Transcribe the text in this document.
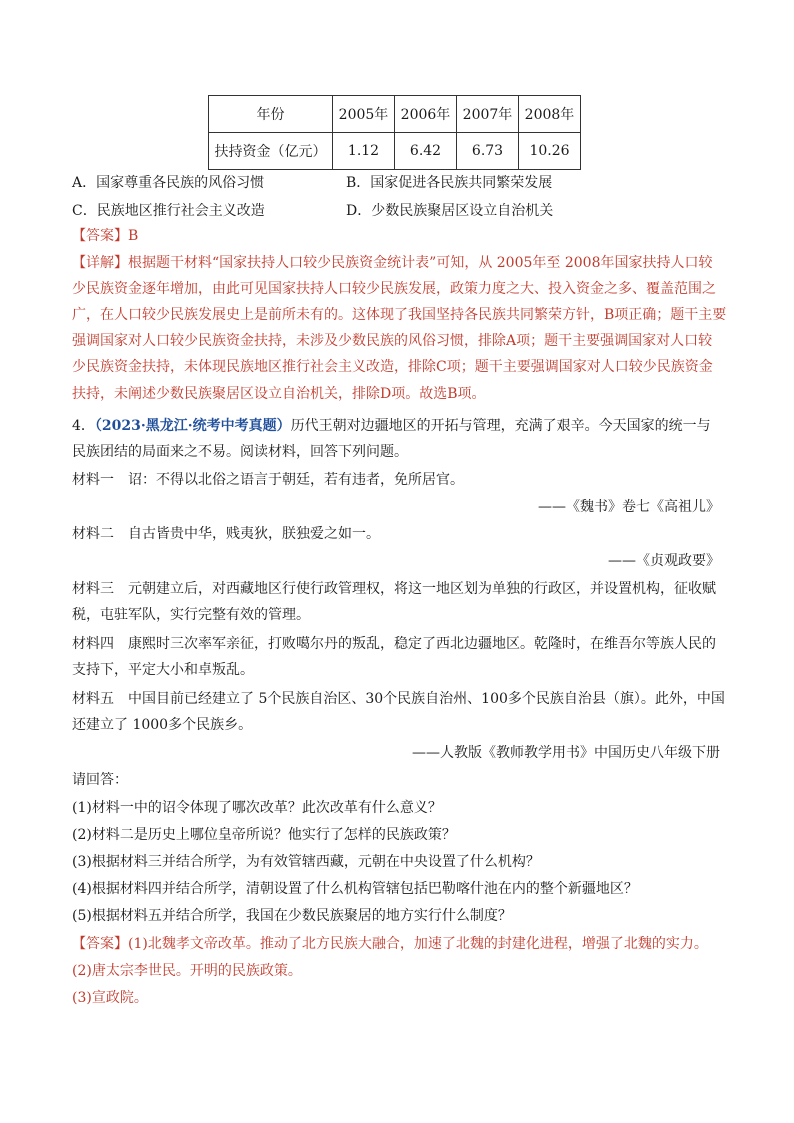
年份	2005年	2006年	2007年	2008年
扶持资金（亿元）	1.12	6.42	6.73	10.26
A．国家尊重各民族的风俗习惯	B．国家促进各民族共同繁荣发展
C．民族地区推行社会主义改造	D．少数民族聚居区设立自治机关
【答案】B
【详解】根据题干材料“国家扶持人口较少民族资金统计表”可知，从 2005年至 2008年国家扶持人口较
少民族资金逐年增加，由此可见国家扶持人口较少民族发展，政策力度之大、投入资金之多、覆盖范围之
广，在人口较少民族发展史上是前所未有的。这体现了我国坚持各民族共同繁荣方针，B项正确；题干主要
强调国家对人口较少民族资金扶持，未涉及少数民族的风俗习惯，排除A项；题干主要强调国家对人口较
少民族资金扶持，未体现民族地区推行社会主义改造，排除C项；题干主要强调国家对人口较少民族资金
扶持，未阐述少数民族聚居区设立自治机关，排除D项。故选B项。
4．（2023·黑龙江·统考中考真题）历代王朝对边疆地区的开拓与管理，充满了艰辛。今天国家的统一与
民族团结的局面来之不易。阅读材料，回答下列问题。
材料一　诏：不得以北俗之语言于朝廷，若有违者，免所居官。
——《魏书》卷七《高祖儿》
材料二　自古皆贵中华，贱夷狄，朕独爱之如一。
——《贞观政要》
材料三　元朝建立后，对西藏地区行使行政管理权，将这一地区划为单独的行政区，并设置机构，征收赋
税，屯驻军队，实行完整有效的管理。
材料四　康熙时三次率军亲征，打败噶尔丹的叛乱，稳定了西北边疆地区。乾隆时，在维吾尔等族人民的
支持下，平定大小和卓叛乱。
材料五　中国目前已经建立了 5个民族自治区、30个民族自治州、100多个民族自治县（旗）。此外，中国
还建立了 1000多个民族乡。
——人教版《教师教学用书》中国历史八年级下册
请回答：
(1)材料一中的诏令体现了哪次改革？此次改革有什么意义？
(2)材料二是历史上哪位皇帝所说？他实行了怎样的民族政策？
(3)根据材料三并结合所学，为有效管辖西藏，元朝在中央设置了什么机构？
(4)根据材料四并结合所学，清朝设置了什么机构管辖包括巴勒喀什池在内的整个新疆地区？
(5)根据材料五并结合所学，我国在少数民族聚居的地方实行什么制度？
【答案】(1)北魏孝文帝改革。推动了北方民族大融合，加速了北魏的封建化进程，增强了北魏的实力。
(2)唐太宗李世民。开明的民族政策。
(3)宣政院。
